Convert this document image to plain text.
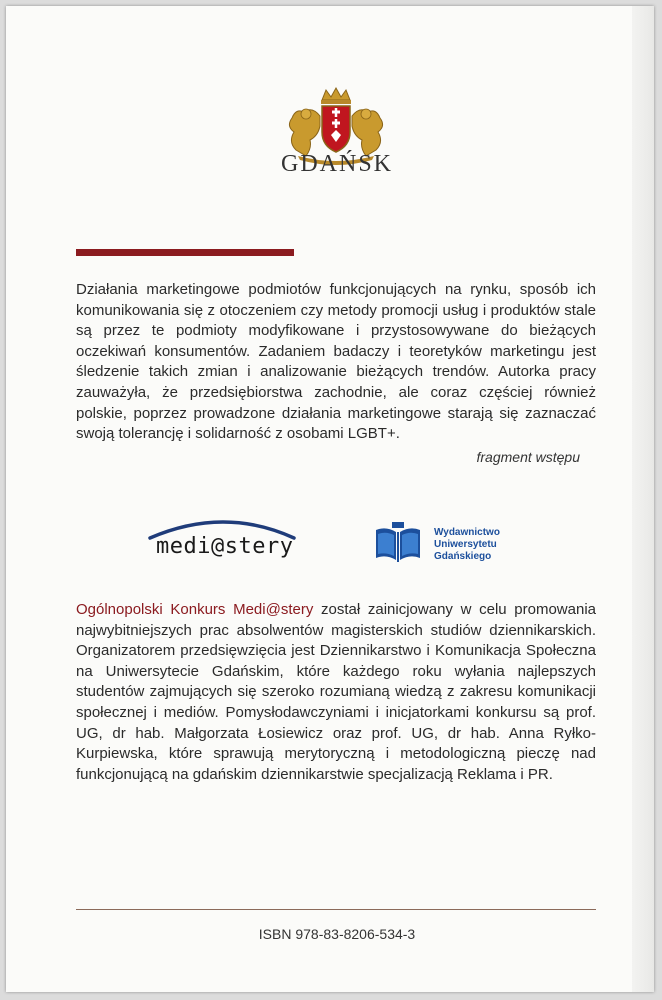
GDAŃSK

Działania marketingowe podmiotów funkcjonujących na rynku, sposób ich komunikowania się z otoczeniem czy metody promocji usług i produktów stale są przez te podmioty modyfikowane i przystosowywane do bieżących oczekiwań konsumentów. Zadaniem badaczy i teoretyków marketingu jest śledzenie takich zmian i analizowanie bieżących trendów. Autorka pracy zauważyła, że przedsiębiorstwa zachodnie, ale coraz częściej również polskie, poprzez prowadzone działania marketingowe starają się zaznaczać swoją tolerancję i solidarność z osobami LGBT+.

fragment wstępu
medi@stery
Wydawnictwo
Uniwersytetu
Gdańskiego

Ogólnopolski Konkurs Medi@stery został zainicjowany w celu promowania najwybitniejszych prac absolwentów magisterskich studiów dziennikarskich. Organizatorem przedsięwzięcia jest Dziennikarstwo i Komunikacja Społeczna na Uniwersytecie Gdańskim, które każdego roku wyłania najlepszych studentów zajmujących się szeroko rozumianą wiedzą z zakresu komunikacji społecznej i mediów. Pomysłodawczyniami i inicjatorkami konkursu są prof. UG, dr hab. Małgorzata Łosiewicz oraz prof. UG, dr hab. Anna Ryłko-Kurpiewska, które sprawują merytoryczną i metodologiczną pieczę nad funkcjonującą na gdańskim dziennikarstwie specjalizacją Reklama i PR.

ISBN 978-83-8206-534-3
